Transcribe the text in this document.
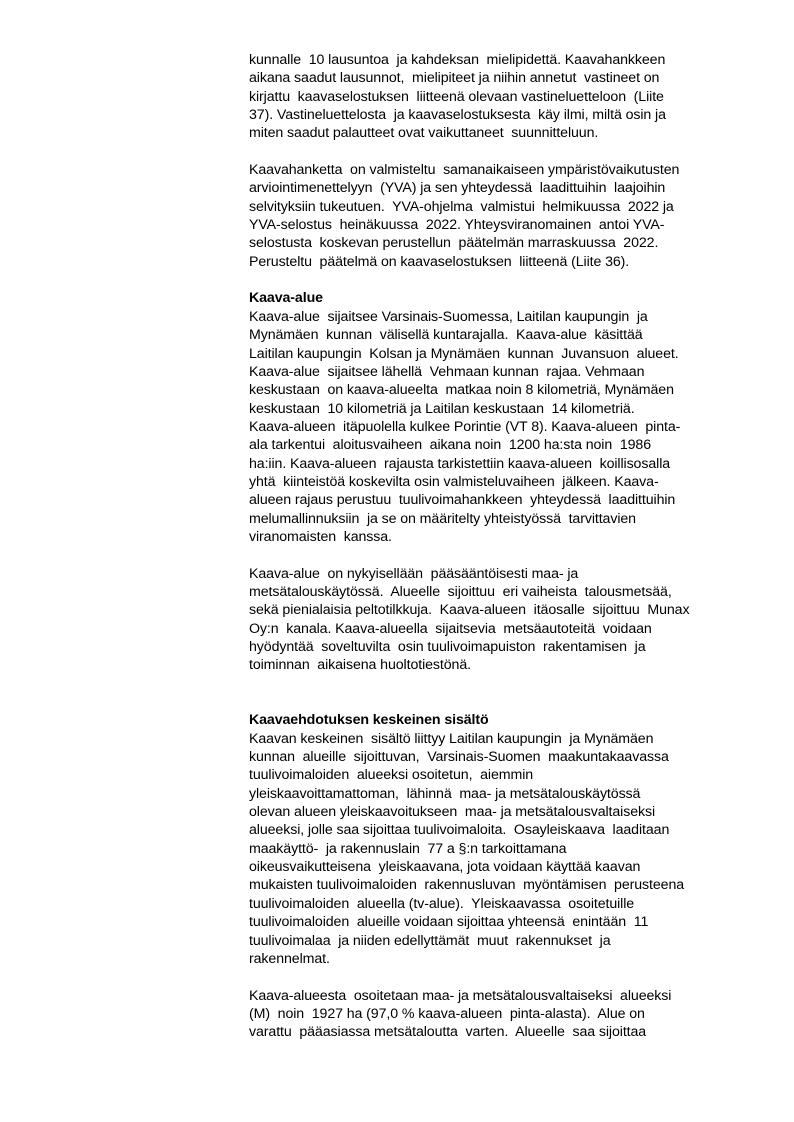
kunnalle  10 lausuntoa  ja kahdeksan  mielipidettä. Kaavahankkeen
aikana saadut lausunnot,  mielipiteet ja niihin annetut  vastineet on
kirjattu  kaavaselostuksen  liitteenä olevaan vastineluetteloon  (Liite
37). Vastineluettelosta  ja kaavaselostuksesta  käy ilmi, miltä osin ja
miten saadut palautteet ovat vaikuttaneet  suunnitteluun.
Kaavahanketta  on valmisteltu  samanaikaiseen ympäristövaikutusten
arviointimenettelyyn  (YVA) ja sen yhteydessä  laadittuihin  laajoihin
selvityksiin tukeutuen.  YVA-ohjelma  valmistui  helmikuussa  2022 ja
YVA-selostus  heinäkuussa  2022. Yhteysviranomainen  antoi YVA-
selostusta  koskevan perustellun  päätelmän marraskuussa  2022.
Perusteltu  päätelmä on kaavaselostuksen  liitteenä (Liite 36).
Kaava-alue
Kaava-alue  sijaitsee Varsinais-Suomessa, Laitilan kaupungin  ja
Mynämäen  kunnan  välisellä kuntarajalla.  Kaava-alue  käsittää
Laitilan kaupungin  Kolsan ja Mynämäen  kunnan  Juvansuon  alueet.
Kaava-alue  sijaitsee lähellä  Vehmaan kunnan  rajaa. Vehmaan
keskustaan  on kaava-alueelta  matkaa noin 8 kilometriä, Mynämäen
keskustaan  10 kilometriä ja Laitilan keskustaan  14 kilometriä.
Kaava-alueen  itäpuolella kulkee Porintie (VT 8). Kaava-alueen  pinta-
ala tarkentui  aloitusvaiheen  aikana noin  1200 ha:sta noin  1986
ha:iin. Kaava-alueen  rajausta tarkistettiin kaava-alueen  koillisosalla
yhtä  kiinteistöä koskevilta osin valmisteluvaiheen  jälkeen. Kaava-
alueen rajaus perustuu  tuulivoimahankkeen  yhteydessä  laadittuihin
melumallinnuksiin  ja se on määritelty yhteistyössä  tarvittavien
viranomaisten  kanssa.
Kaava-alue  on nykyisellään  pääsääntöisesti maa- ja
metsätalouskäytössä.  Alueelle  sijoittuu  eri vaiheista  talousmetsää,
sekä pienialaisia peltotilkkuja.  Kaava-alueen  itäosalle  sijoittuu  Munax
Oy:n  kanala. Kaava-alueella  sijaitsevia  metsäautoteitä  voidaan
hyödyntää  soveltuvilta  osin tuulivoimapuiston  rakentamisen  ja
toiminnan  aikaisena huoltotiestönä.
Kaavaehdotuksen keskeinen sisältö
Kaavan keskeinen  sisältö liittyy Laitilan kaupungin  ja Mynämäen
kunnan  alueille  sijoittuvan,  Varsinais-Suomen  maakuntakaavassa
tuulivoimaloiden  alueeksi osoitetun,  aiemmin
yleiskaavoittamattoman,  lähinnä  maa- ja metsätalouskäytössä
olevan alueen yleiskaavoitukseen  maa- ja metsätalousvaltaiseksi
alueeksi, jolle saa sijoittaa tuulivoimaloita.  Osayleiskaava  laaditaan
maakäyttö-  ja rakennuslain  77 a §:n tarkoittamana
oikeusvaikutteisena  yleiskaavana, jota voidaan käyttää kaavan
mukaisten tuulivoimaloiden  rakennusluvan  myöntämisen  perusteena
tuulivoimaloiden  alueella (tv-alue).  Yleiskaavassa  osoitetuille
tuulivoimaloiden  alueille voidaan sijoittaa yhteensä  enintään  11
tuulivoimalaa  ja niiden edellyttämät  muut  rakennukset  ja
rakennelmat.
Kaava-alueesta  osoitetaan maa- ja metsätalousvaltaiseksi  alueeksi
(M)  noin  1927 ha (97,0 % kaava-alueen  pinta-alasta).  Alue on
varattu  pääasiassa metsätaloutta  varten.  Alueelle  saa sijoittaa
